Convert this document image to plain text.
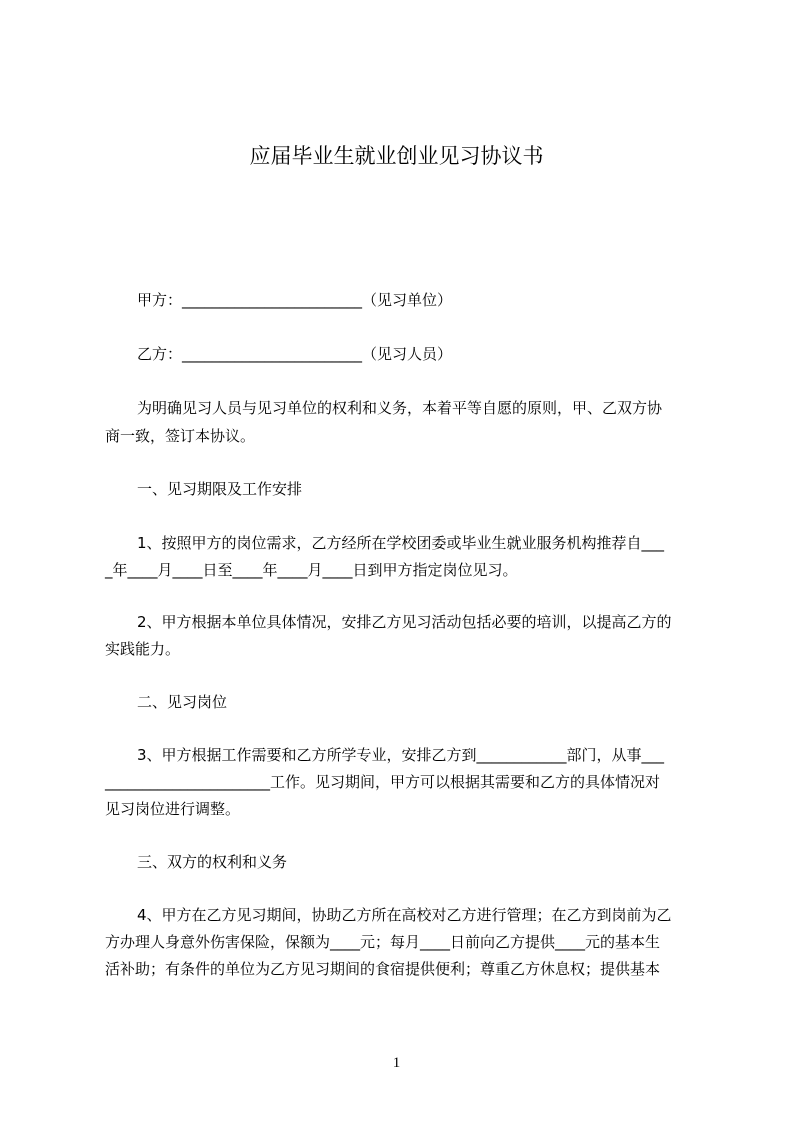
应届毕业生就业创业见习协议书
甲方：________________________（见习单位）
乙方：________________________（见习人员）
为明确见习人员与见习单位的权利和义务，本着平等自愿的原则，甲、乙双方协
商一致，签订本协议。
一、见习期限及工作安排
1、按照甲方的岗位需求，乙方经所在学校团委或毕业生就业服务机构推荐自___
_年____月____日至____年____月____日到甲方指定岗位见习。
2、甲方根据本单位具体情况，安排乙方见习活动包括必要的培训，以提高乙方的
实践能力。
二、见习岗位
3、甲方根据工作需要和乙方所学专业，安排乙方到____________部门，从事___
______________________工作。见习期间，甲方可以根据其需要和乙方的具体情况对
见习岗位进行调整。
三、双方的权利和义务
4、甲方在乙方见习期间，协助乙方所在高校对乙方进行管理；在乙方到岗前为乙
方办理人身意外伤害保险，保额为____元；每月____日前向乙方提供____元的基本生
活补助；有条件的单位为乙方见习期间的食宿提供便利；尊重乙方休息权；提供基本
1
